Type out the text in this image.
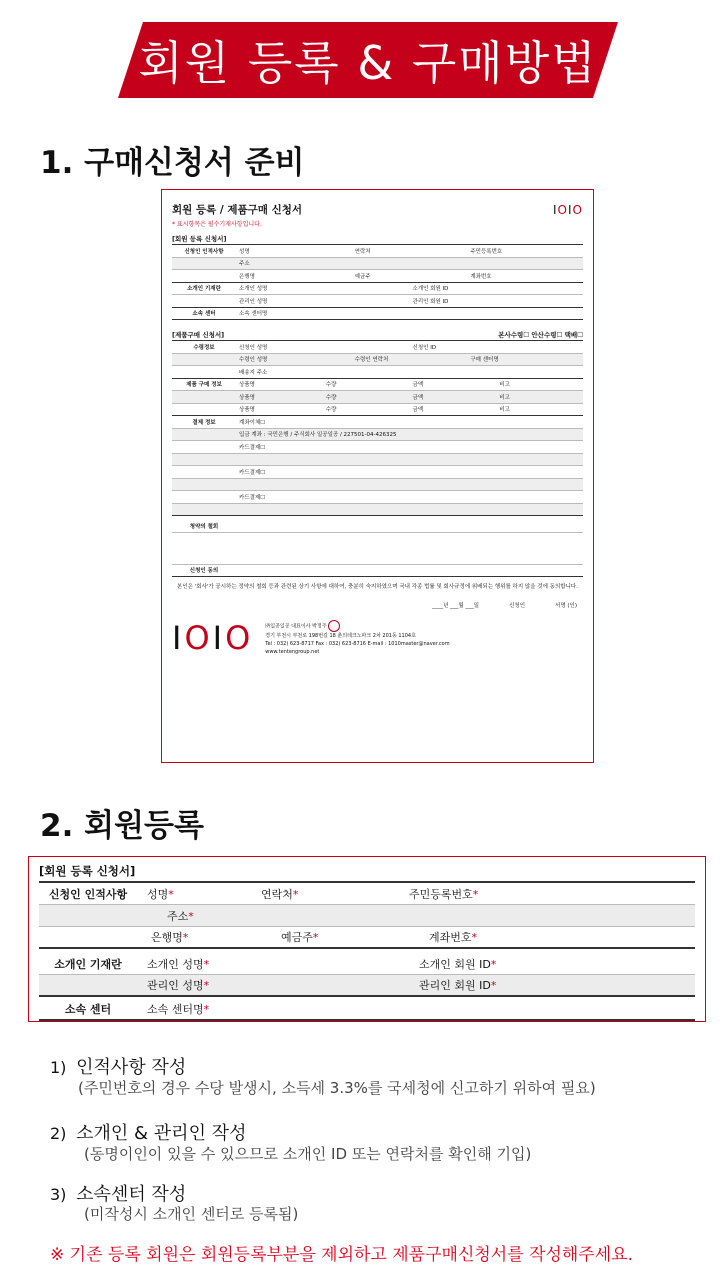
회원 등록 & 구매방법
1. 구매신청서 준비
회원 등록 / 제품구매 신청서	IOIO
* 표시항목은 필수기재사항입니다.
[회원 등록 신청서]
신청인 인적사항	성명	연락처	주민등록번호
주소
은행명	예금주	계좌번호
소개인 기재란	소개인 성명	소개인 회원 ID
관리인 성명	관리인 회원 ID
소속 센터	소속 센터명
[제품구매 신청서]	본사수령☐ 안산수령☐ 택배☐
수령정보	신청인 성명	신청인 ID
수령인 성명	수령인 연락처	구매 센터명
배송지 주소
제품 구매 정보	상품명	수량	금액	비고
상품명	수량	금액	비고
상품명	수량	금액	비고
결제 정보	계좌이체☐
입금 계좌 : 국민은행 / 주식회사 일공일공 / 227501-04-426325
카드결제☐
카드결제☐
카드결제☐
청약의 철회
신청인 동의
본인은 '회사'가 공시하는 정약의 철회 등과 관련된 상기 사항에 대하여, 충분히 숙지하였으며 국내 각종 법률 및 회사규정에 위배되는 행위를 하지 않을 것에 동의합니다.
____년 ___월 ___일	신청인	서명 (인)
IOIO ㈜일공일공 대표이사 박정주
경기 부천시 부천로 198번길 18 춘의테크노파크 2차 201동 1104호
Tel : 032) 623-8717 Fax : 032) 623-8716 E-mail : 1010master@naver.com
www.tentengroup.net
2. 회원등록
[회원 등록 신청서]
신청인 인적사항	성명*	연락처*	주민등록번호*
주소*
은행명*	예금주*	계좌번호*
소개인 기재란	소개인 성명*	소개인 회원 ID*
관리인 성명*	관리인 회원 ID*
소속 센터	소속 센터명*
1) 인적사항 작성
(주민번호의 경우 수당 발생시, 소득세 3.3%를 국세청에 신고하기 위하여 필요)
2) 소개인 & 관리인 작성
(동명이인이 있을 수 있으므로 소개인 ID 또는 연락처를 확인해 기입)
3) 소속센터 작성
(미작성시 소개인 센터로 등록됨)
※ 기존 등록 회원은 회원등록부분을 제외하고 제품구매신청서를 작성해주세요.
